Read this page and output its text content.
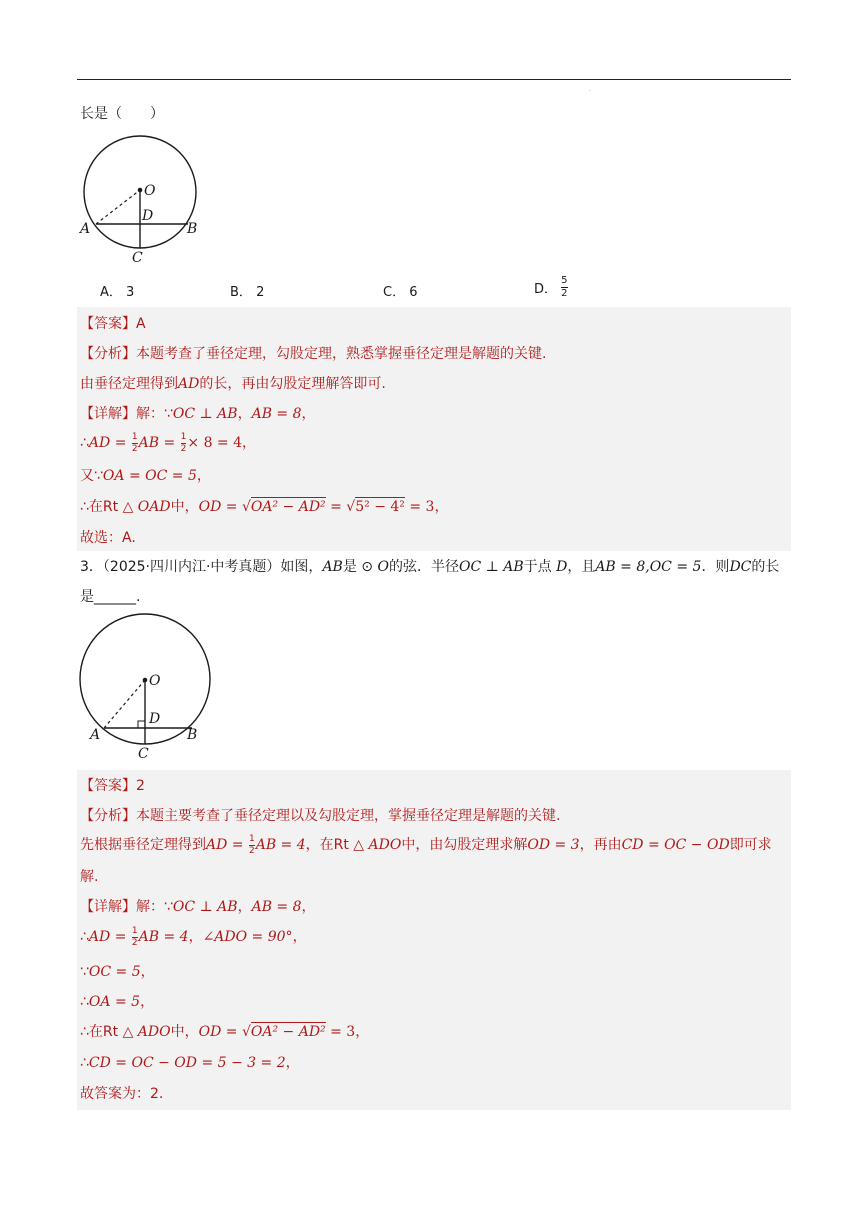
.
长是（　　）
O
D
A	B
C
A． 3	B． 2	C． 6	D． $\frac{5}{2}$
【答案】A
【分析】本题考查了垂径定理，勾股定理，熟悉掌握垂径定理是解题的关键.
由垂径定理得到AD的长，再由勾股定理解答即可.
【详解】解：∵OC ⊥ AB，AB = 8，
∴AD = $\frac{1}{2}AB = \frac{1}{2}\times 8 = 4$，
又∵OA = OC = 5，
∴在Rt △ OAD中，OD = √OA² − AD² = √5² − 4² = 3，
故选：A.
3．（2025·四川内江·中考真题）如图，AB是 ⊙ O的弦．半径OC ⊥ AB于点 D，且AB = 8,OC = 5．则DC的长
是______.
O
D
A	B
C
【答案】2
【分析】本题主要考查了垂径定理以及勾股定理，掌握垂径定理是解题的关键.
先根据垂径定理得到AD = $\frac{1}{2}AB = 4$，在Rt △ ADO中，由勾股定理求解OD = 3，再由CD = OC − OD即可求
解.
【详解】解：∵OC ⊥ AB，AB = 8，
∴AD = $\frac{1}{2}AB = 4$，∠ADO = 90°，
∵OC = 5，
∴OA = 5，
∴在Rt △ ADO中，OD = √OA² − AD² = 3，
∴CD = OC − OD = 5 − 3 = 2，
故答案为：2.
